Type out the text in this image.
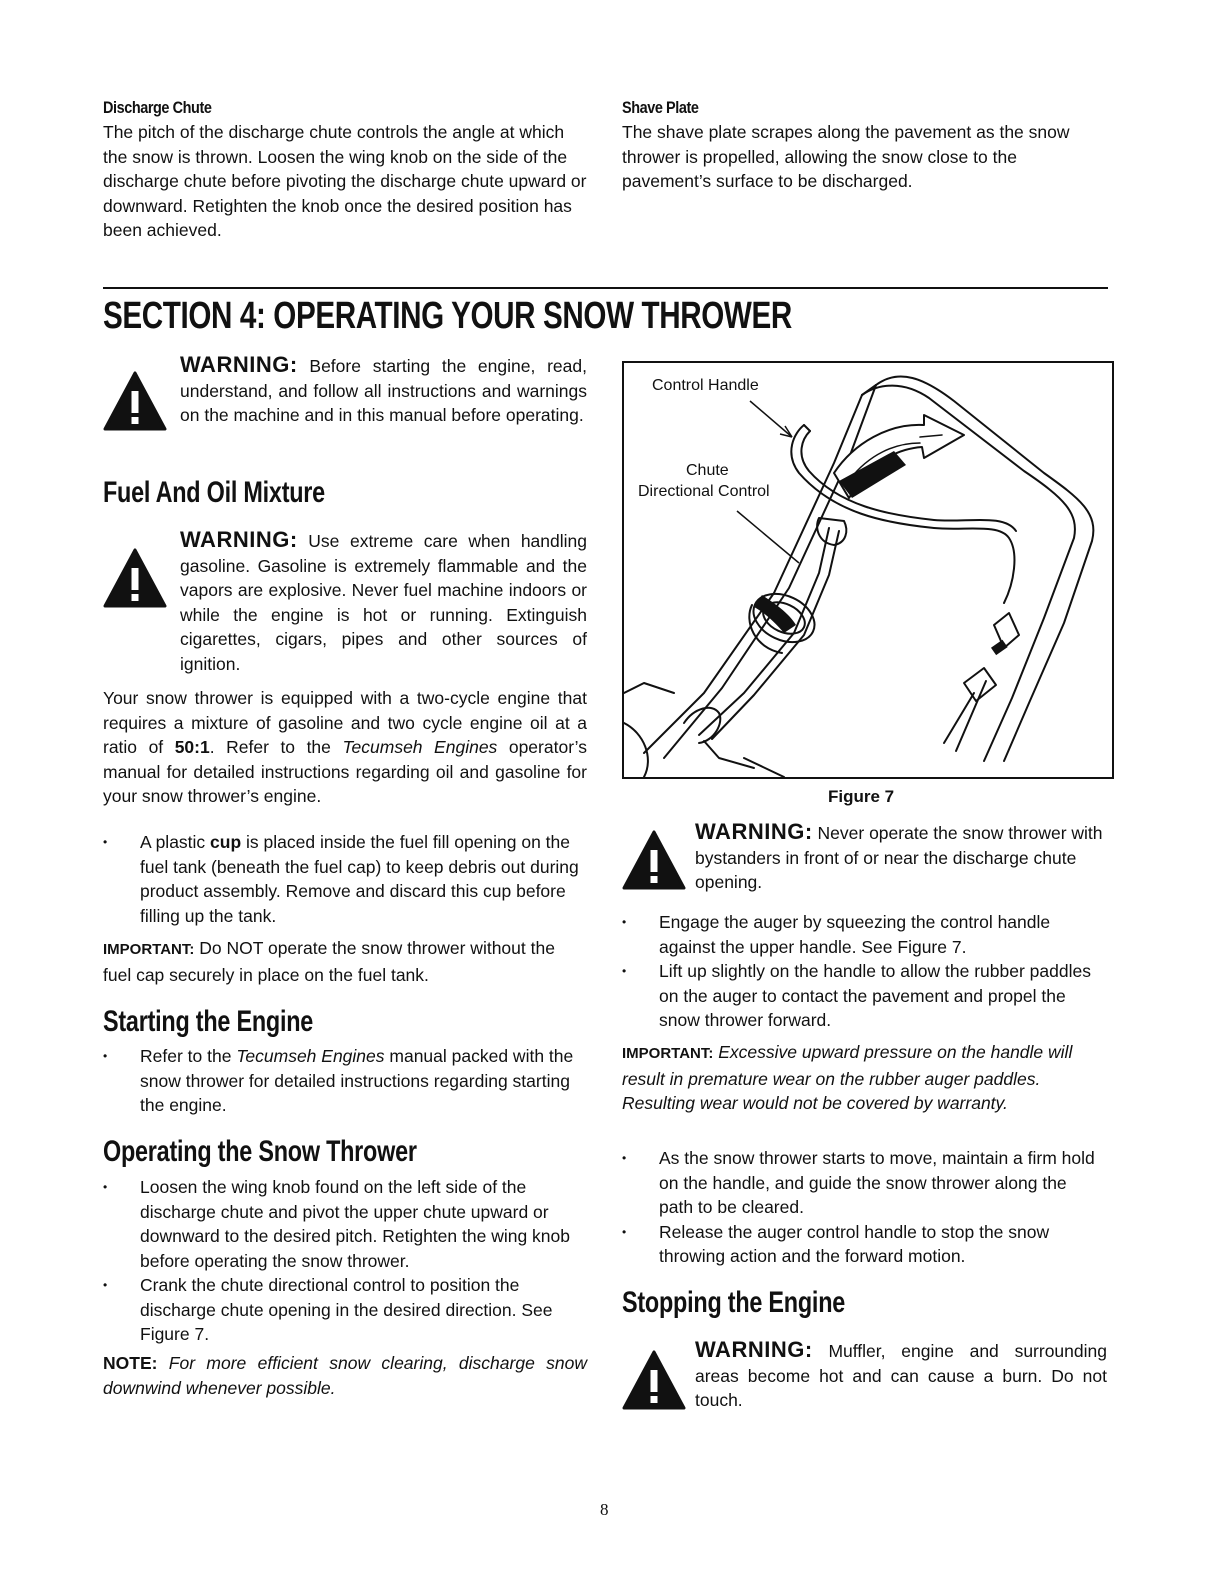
Discharge Chute
The pitch of the discharge chute controls the angle at which the snow is thrown. Loosen the wing knob on the side of the discharge chute before pivoting the discharge chute upward or downward. Retighten the knob once the desired position has been achieved.
Shave Plate
The shave plate scrapes along the pavement as the snow thrower is propelled, allowing the snow close to the pavement’s surface to be discharged.
SECTION 4: OPERATING YOUR SNOW THROWER
WARNING: Before starting the engine, read, understand, and follow all instructions and warnings on the machine and in this manual before operating.
Fuel And Oil Mixture
WARNING: Use extreme care when handling gasoline. Gasoline is extremely flammable and the vapors are explosive. Never fuel machine indoors or while the engine is hot or running. Extinguish cigarettes, cigars, pipes and other sources of ignition.
Your snow thrower is equipped with a two-cycle engine that requires a mixture of gasoline and two cycle engine oil at a ratio of 50:1. Refer to the Tecumseh Engines operator’s manual for detailed instructions regarding oil and gasoline for your snow thrower’s engine.
•	A plastic cup is placed inside the fuel fill opening on the fuel tank (beneath the fuel cap) to keep debris out during product assembly. Remove and discard this cup before filling up the tank.
IMPORTANT: Do NOT operate the snow thrower without the fuel cap securely in place on the fuel tank.
Starting the Engine
•	Refer to the Tecumseh Engines manual packed with the snow thrower for detailed instructions regarding starting the engine.
Operating the Snow Thrower
•	Loosen the wing knob found on the left side of the discharge chute and pivot the upper chute upward or downward to the desired pitch. Retighten the wing knob before operating the snow thrower.
•	Crank the chute directional control to position the discharge chute opening in the desired direction. See Figure 7.
NOTE: For more efficient snow clearing, discharge snow downwind whenever possible.
Control Handle
Chute
Directional Control
Figure 7
WARNING: Never operate the snow thrower with bystanders in front of or near the discharge chute opening.
•	Engage the auger by squeezing the control handle against the upper handle. See Figure 7.
•	Lift up slightly on the handle to allow the rubber paddles on the auger to contact the pavement and propel the snow thrower forward.
IMPORTANT: Excessive upward pressure on the handle will result in premature wear on the rubber auger paddles. Resulting wear would not be covered by warranty.
•	As the snow thrower starts to move, maintain a firm hold on the handle, and guide the snow thrower along the path to be cleared.
•	Release the auger control handle to stop the snow throwing action and the forward motion.
Stopping the Engine
WARNING: Muffler, engine and surrounding areas become hot and can cause a burn. Do not touch.
8
